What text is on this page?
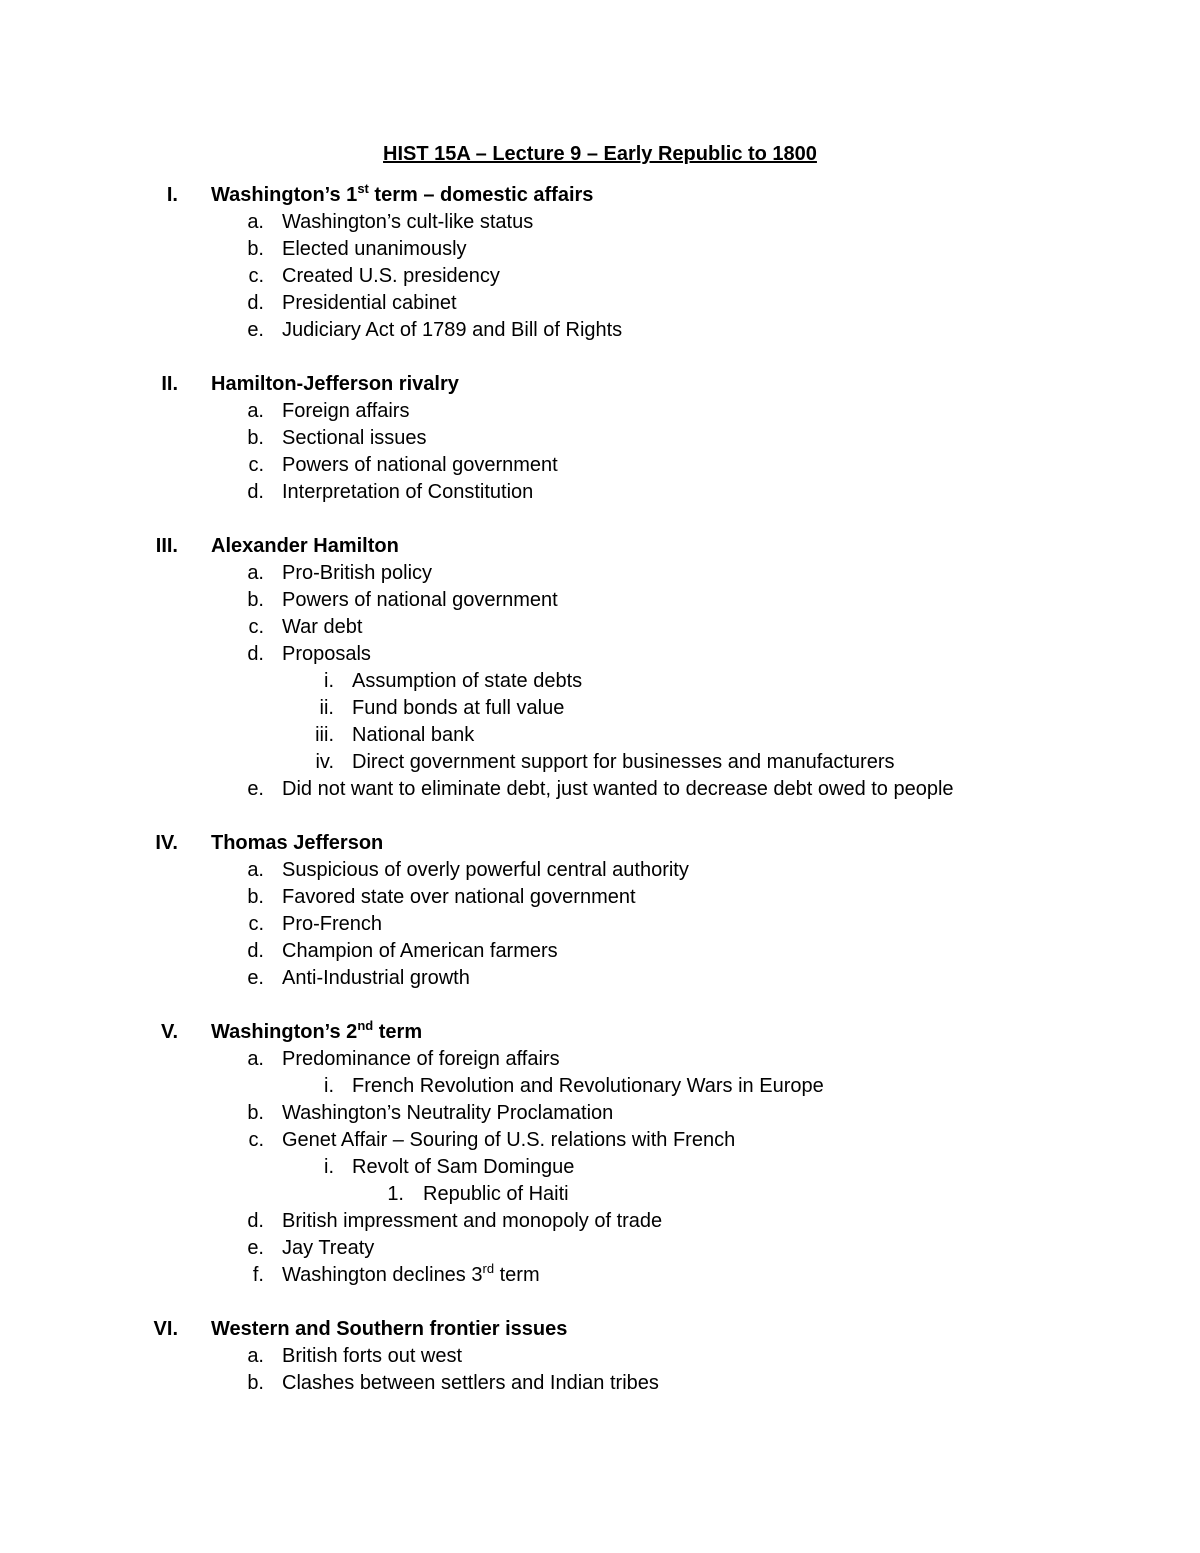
HIST 15A – Lecture 9 – Early Republic to 1800
I. Washington’s 1st term – domestic affairs
a. Washington’s cult-like status
b. Elected unanimously
c. Created U.S. presidency
d. Presidential cabinet
e. Judiciary Act of 1789 and Bill of Rights
II. Hamilton-Jefferson rivalry
a. Foreign affairs
b. Sectional issues
c. Powers of national government
d. Interpretation of Constitution
III. Alexander Hamilton
a. Pro-British policy
b. Powers of national government
c. War debt
d. Proposals
i. Assumption of state debts
ii. Fund bonds at full value
iii. National bank
iv. Direct government support for businesses and manufacturers
e. Did not want to eliminate debt, just wanted to decrease debt owed to people
IV. Thomas Jefferson
a. Suspicious of overly powerful central authority
b. Favored state over national government
c. Pro-French
d. Champion of American farmers
e. Anti-Industrial growth
V. Washington’s 2nd term
a. Predominance of foreign affairs
i. French Revolution and Revolutionary Wars in Europe
b. Washington’s Neutrality Proclamation
c. Genet Affair – Souring of U.S. relations with French
i. Revolt of Sam Domingue
1. Republic of Haiti
d. British impressment and monopoly of trade
e. Jay Treaty
f. Washington declines 3rd term
VI. Western and Southern frontier issues
a. British forts out west
b. Clashes between settlers and Indian tribes
